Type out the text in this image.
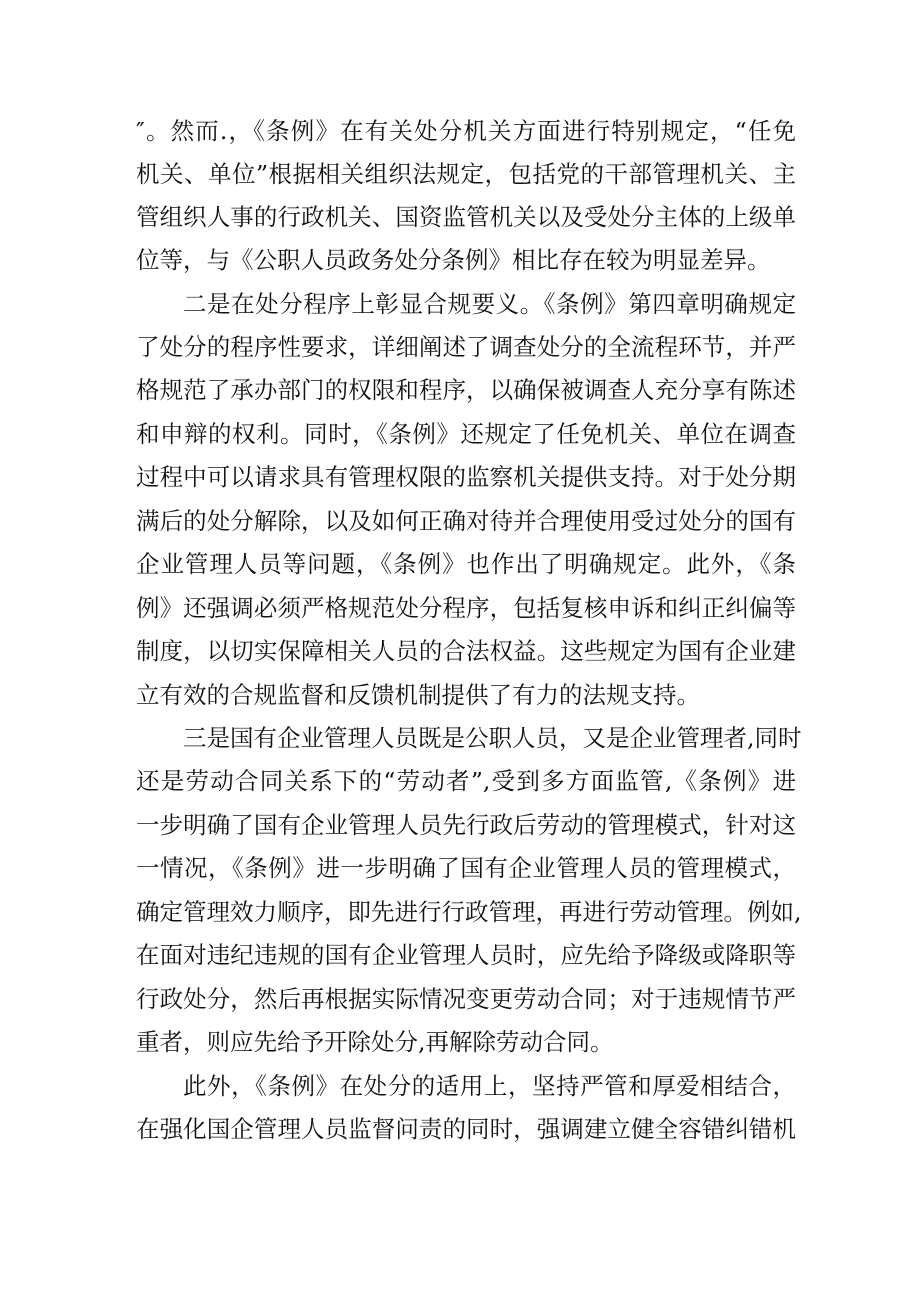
″。然而.，《条例》在有关处分机关方面进行特别规定，“任免
机关、单位”根据相关组织法规定，包括党的干部管理机关、主
管组织人事的行政机关、国资监管机关以及受处分主体的上级单
位等，与《公职人员政务处分条例》相比存在较为明显差异。
二是在处分程序上彰显合规要义。《条例》第四章明确规定
了处分的程序性要求，详细阐述了调查处分的全流程环节，并严
格规范了承办部门的权限和程序，以确保被调查人充分享有陈述
和申辩的权利。同时，《条例》还规定了任免机关、单位在调查
过程中可以请求具有管理权限的监察机关提供支持。对于处分期
满后的处分解除，以及如何正确对待并合理使用受过处分的国有
企业管理人员等问题，《条例》也作出了明确规定。此外，《条
例》还强调必须严格规范处分程序，包括复核申诉和纠正纠偏等
制度，以切实保障相关人员的合法权益。这些规定为国有企业建
立有效的合规监督和反馈机制提供了有力的法规支持。
三是国有企业管理人员既是公职人员，又是企业管理者,同时
还是劳动合同关系下的“劳动者”,受到多方面监管,《条例》进
一步明确了国有企业管理人员先行政后劳动的管理模式，针对这
一情况，《条例》进一步明确了国有企业管理人员的管理模式，
确定管理效力顺序，即先进行行政管理，再进行劳动管理。例如,
在面对违纪违规的国有企业管理人员时，应先给予降级或降职等
行政处分，然后再根据实际情况变更劳动合同；对于违规情节严
重者，则应先给予开除处分,再解除劳动合同。
此外，《条例》在处分的适用上，坚持严管和厚爱相结合，
在强化国企管理人员监督问责的同时，强调建立健全容错纠错机
